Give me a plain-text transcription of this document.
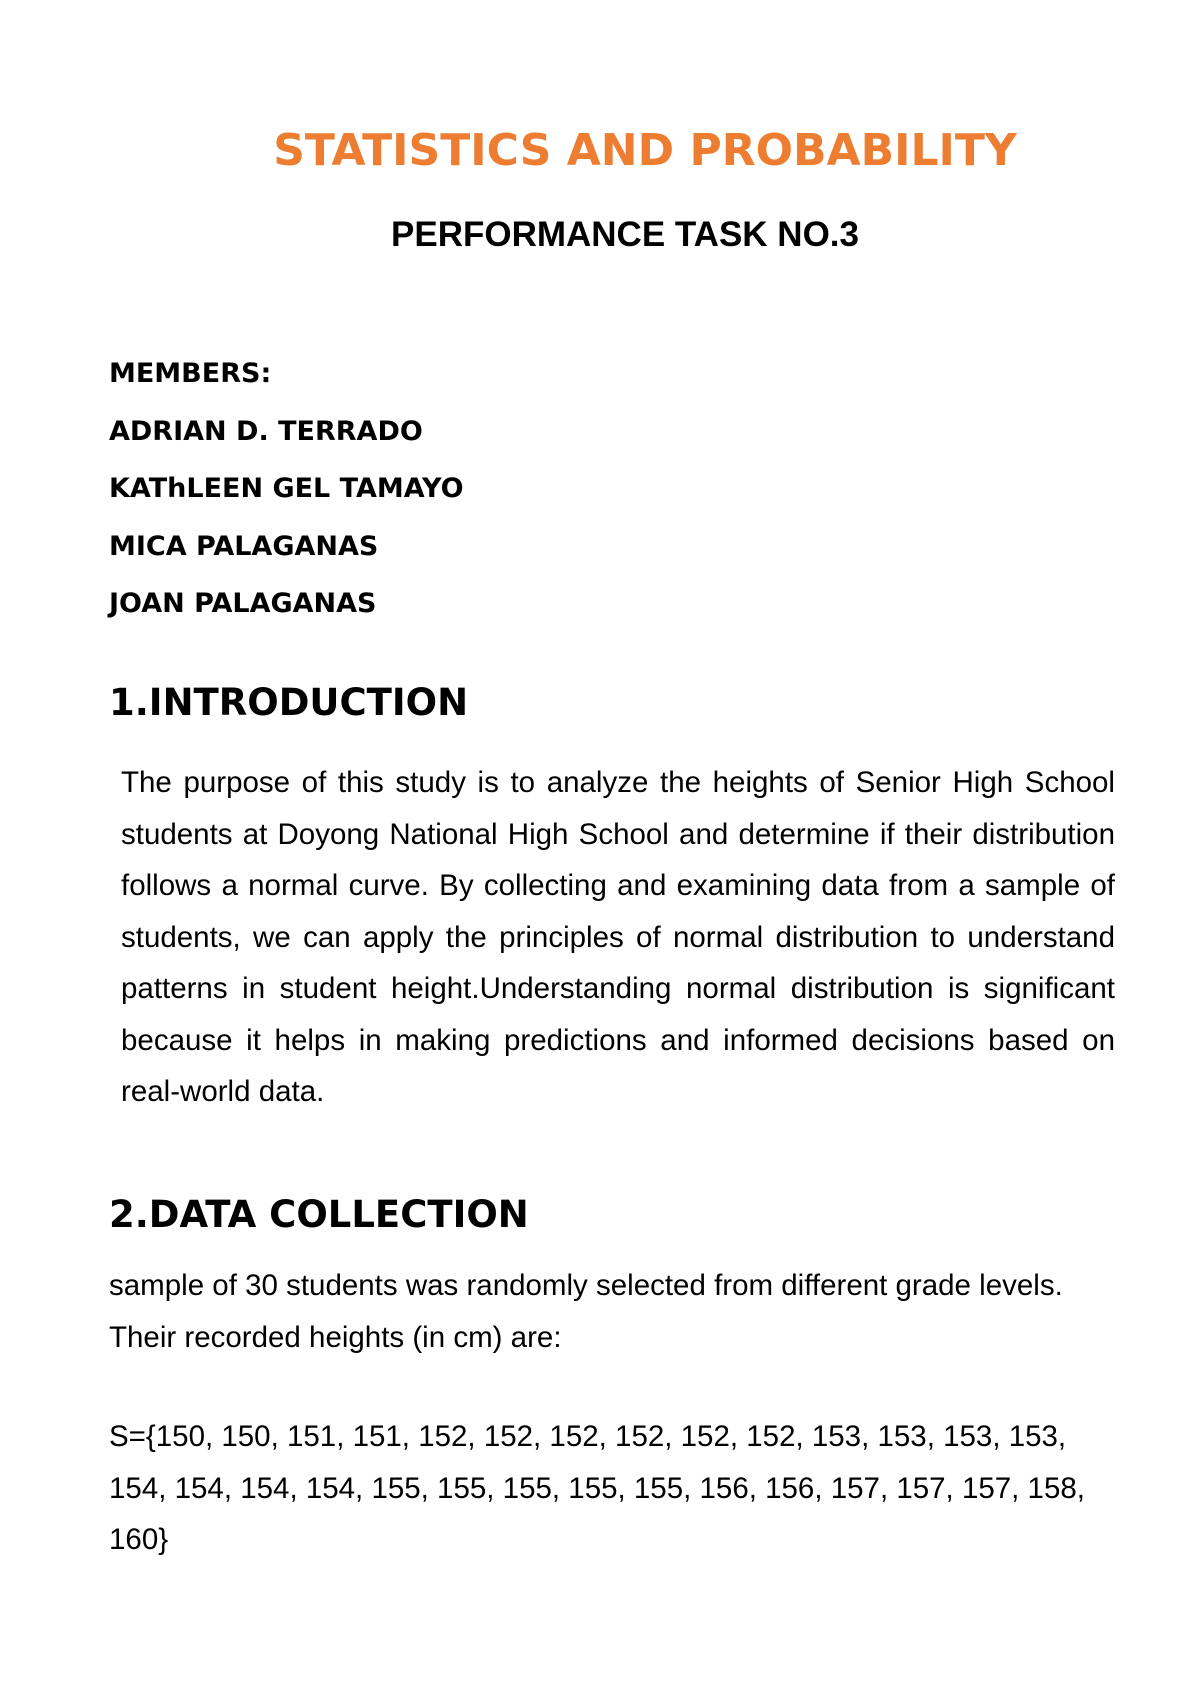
STATISTICS AND PROBABILITY
PERFORMANCE TASK NO.3
MEMBERS:
ADRIAN D. TERRADO
KAThLEEN GEL TAMAYO
MICA PALAGANAS
JOAN PALAGANAS
1.INTRODUCTION

The purpose of this study is to analyze the heights of Senior High School students at Doyong National High School and determine if their distribution follows a normal curve. By collecting and examining data from a sample of students, we can apply the principles of normal distribution to understand patterns in student height.Understanding normal distribution is significant because it helps in making predictions and informed decisions based on real-world data.

2.DATA COLLECTION

sample of 30 students was randomly selected from different grade levels. Their recorded heights (in cm) are:

S={150, 150, 151, 151, 152, 152, 152, 152, 152, 152, 153, 153, 153, 153, 154, 154, 154, 154, 155, 155, 155, 155, 155, 156, 156, 157, 157, 157, 158, 160}
